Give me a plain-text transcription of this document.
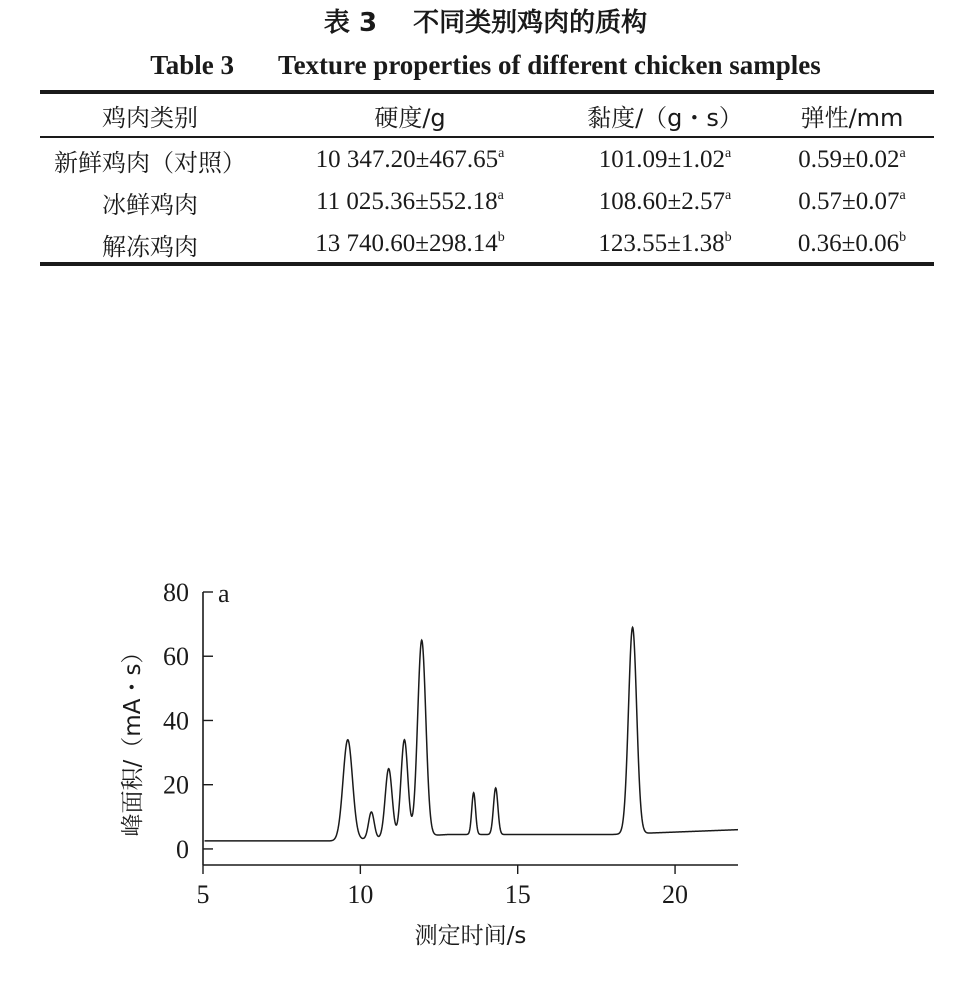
表 3 不同类别鸡肉的质构
Table 3 Texture properties of different chicken samples
鸡肉类别	硬度/g	黏度/（g・s）	弹性/mm
新鲜鸡肉（对照）	10 347.20±467.65$^a$	101.09±1.02$^a$	0.59±0.02$^a$
冰鲜鸡肉	11 025.36±552.18$^a$	108.60±2.57$^a$	0.57±0.07$^a$
解冻鸡肉	13 740.60±298.14$^b$	123.55±1.38$^b$	0.36±0.06$^b$
0
20
40
60
80
5	10	15	20
测定时间/s
峰面积/（mA・s）
a
